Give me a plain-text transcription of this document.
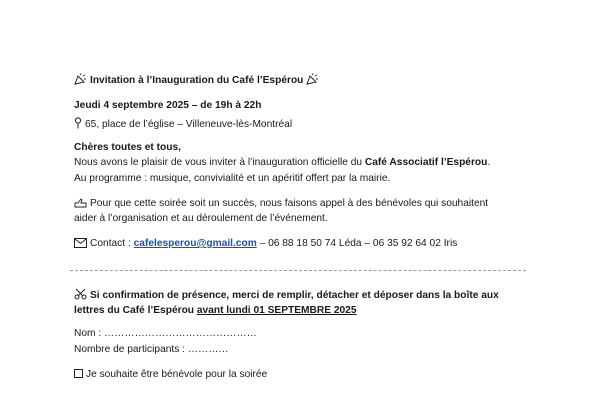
Invitation à l’Inauguration du Café l’Espérou
Jeudi 4 septembre 2025 – de 19h à 22h
65, place de l’église – Villeneuve-lès-Montréal
Chères toutes et tous,
Nous avons le plaisir de vous inviter à l’inauguration officielle du Café Associatif l’Espérou.
Au programme : musique, convivialité et un apéritif offert par la mairie.
Pour que cette soirée soit un succès, nous faisons appel à des bénévoles qui souhaitent
aider à l’organisation et au déroulement de l’événement.
Contact : cafelesperou@gmail.com – 06 88 18 50 74 Léda – 06 35 92 64 02 Iris
Si confirmation de présence, merci de remplir, détacher et déposer dans la boîte aux
lettres du Café l’Espérou avant lundi 01 SEPTEMBRE 2025
Nom : ………………………………………
Nombre de participants : …………
Je souhaite être bénévole pour la soirée
